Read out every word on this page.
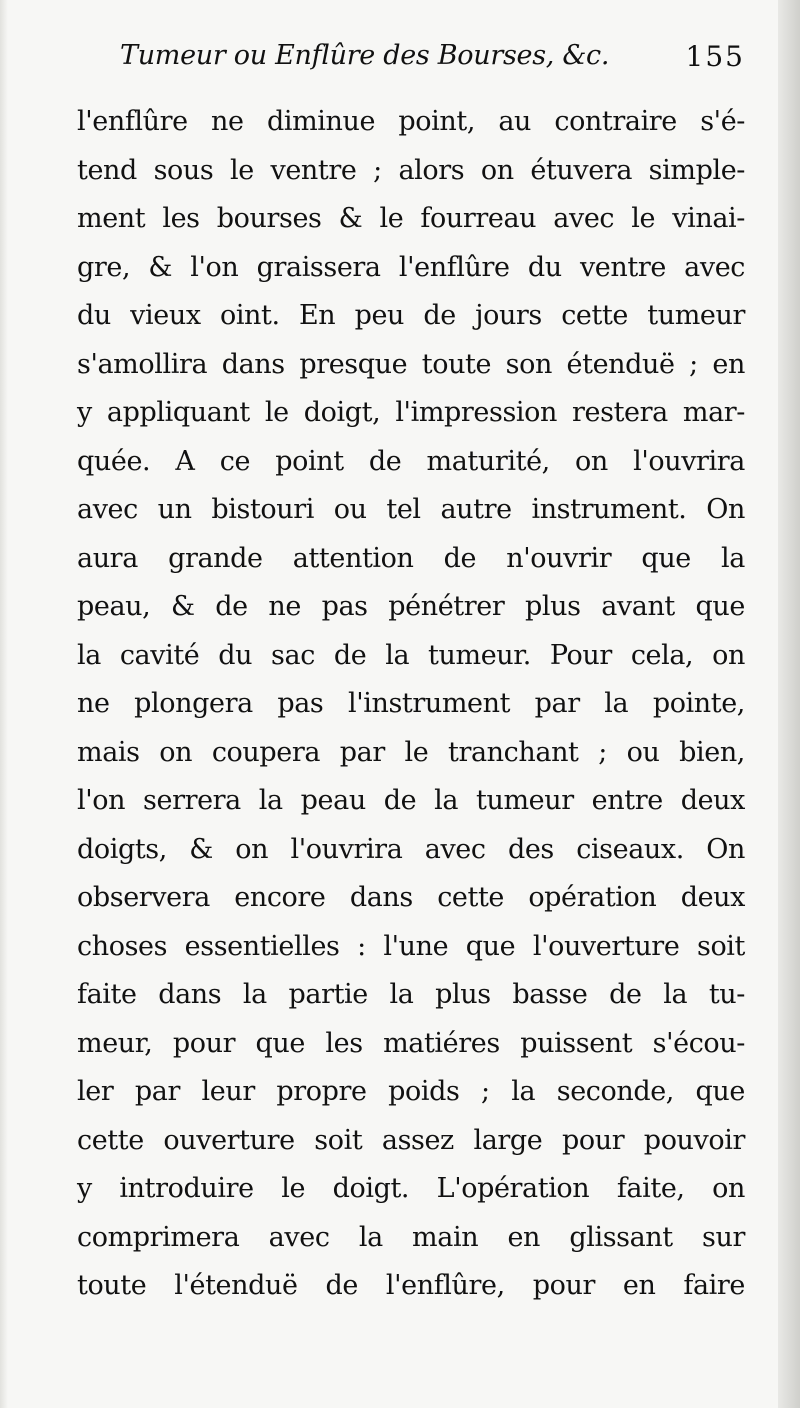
Tumeur ou Enflûre des Bourses, &c.	155
l'enflûre ne diminue point, au contraire s'é-
tend sous le ventre ; alors on étuvera simple-
ment les bourses & le fourreau avec le vinai-
gre, & l'on graissera l'enflûre du ventre avec
du vieux oint. En peu de jours cette tumeur
s'amollira dans presque toute son étenduë ; en
y appliquant le doigt, l'impression restera mar-
quée. A ce point de maturité, on l'ouvrira
avec un bistouri ou tel autre instrument. On
aura grande attention de n'ouvrir que la
peau, & de ne pas pénétrer plus avant que
la cavité du sac de la tumeur. Pour cela, on
ne plongera pas l'instrument par la pointe,
mais on coupera par le tranchant ; ou bien,
l'on serrera la peau de la tumeur entre deux
doigts, & on l'ouvrira avec des ciseaux. On
observera encore dans cette opération deux
choses essentielles : l'une que l'ouverture soit
faite dans la partie la plus basse de la tu-
meur, pour que les matiéres puissent s'écou-
ler par leur propre poids ; la seconde, que
cette ouverture soit assez large pour pouvoir
y introduire le doigt. L'opération faite, on
comprimera avec la main en glissant sur
toute l'étenduë de l'enflûre, pour en faire
